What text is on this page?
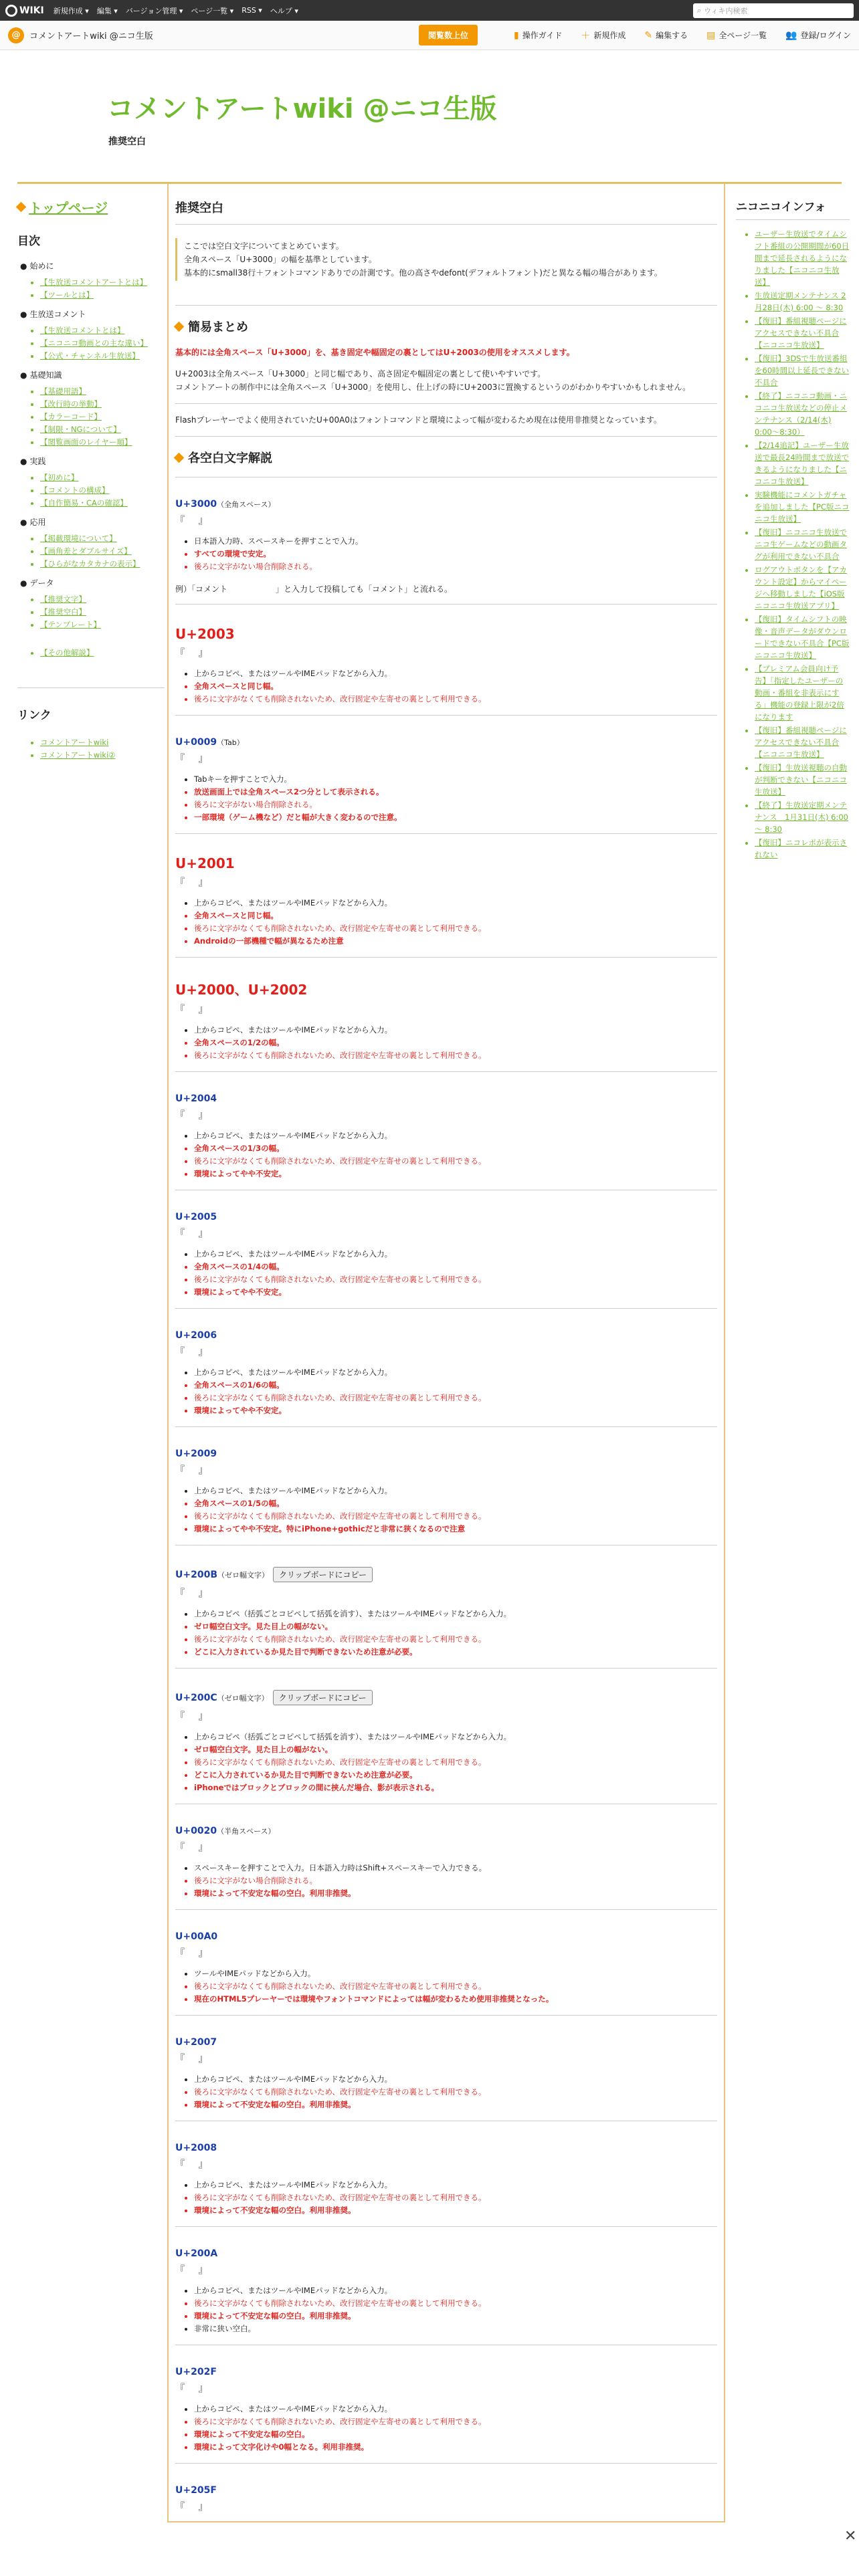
WIKI 新規作成 ▾ 編集 ▾ バージョン管理 ▾ ページ一覧 ▾ RSS ▾ ヘルプ ▾	⌕ ウィキ内検索
@	コメントアートwiki @ニコ生版	閲覧数上位	▮ 操作ガイド ＋ 新規作成 ✎ 編集する ▤ 全ページ一覧 👥 登録/ログイン
コメントアートwiki @ニコ生版
推奨空白
トップページ
目次
● 始めに
• 【生放送コメントアートとは】
• 【ツールとは】
● 生放送コメント
• 【生放送コメントとは】
• 【ニコニコ動画との主な違い】
• 【公式・チャンネル生放送】
● 基礎知識
• 【基礎用語】
• 【改行時の挙動】
• 【カラーコード】
• 【制限・NGについて】
• 【閲覧画面のレイヤー順】
● 実践
• 【初めに】
• 【コメントの構成】
• 【自作簡易・CAの確認】
● 応用
• 【掲載環境について】
• 【画角差とダブルサイズ】
• 【ひらがなカタカナの表示】
● データ
• 【推奨文字】
• 【推奨空白】
• 【テンプレート】
• 【その他解説】
リンク
• コメントアートwiki
• コメントアートwiki②
推奨空白
ここでは空白文字についてまとめています。
全角スペース「U+3000」の幅を基準としています。
基本的にsmall38行＋フォントコマンドありでの計測です。他の高さやdefont(デフォルトフォント)だと異なる幅の場合があります。
簡易まとめ

基本的には全角スペース「U+3000」を、基き固定や幅固定の裏としてはU+2003の使用をオススメします。

U+2003は全角スペース「U+3000」と同じ幅であり、高さ固定や幅固定の裏として使いやすいです。
コメントアートの制作中には全角スペース「U+3000」を使用し、仕上げの時にU+2003に置換するというのがわかりやすいかもしれません。

Flashプレーヤーでよく使用されていたU+00A0はフォントコマンドと環境によって幅が変わるため現在は使用非推奨となっています。

各空白文字解説
U+3000（全角スペース）
『 』
• 日本語入力時、スペースキーを押すことで入力。
• すべての環境で安定。
• 後ろに文字がない場合削除される。

例）「コメント　　　　　　」と入力して投稿しても「コメント」と流れる。

U+2003
『 』
• 上からコピペ、またはツールやIMEパッドなどから入力。
• 全角スペースと同じ幅。
• 後ろに文字がなくても削除されないため、改行固定や左寄せの裏として利用できる。
U+0009（Tab）
『 』
• Tabキーを押すことで入力。
• 放送画面上では全角スペース2つ分として表示される。
• 後ろに文字がない場合削除される。
• 一部環境（ゲーム機など）だと幅が大きく変わるので注意。
U+2001
『 』
• 上からコピペ、またはツールやIMEパッドなどから入力。
• 全角スペースと同じ幅。
• 後ろに文字がなくても削除されないため、改行固定や左寄せの裏として利用できる。
• Androidの一部機種で幅が異なるため注意
U+2000、U+2002
『 』
• 上からコピペ、またはツールやIMEパッドなどから入力。
• 全角スペースの1/2の幅。
• 後ろに文字がなくても削除されないため、改行固定や左寄せの裏として利用できる。
U+2004
『 』
• 上からコピペ、またはツールやIMEパッドなどから入力。
• 全角スペースの1/3の幅。
• 後ろに文字がなくても削除されないため、改行固定や左寄せの裏として利用できる。
• 環境によってやや不安定。
U+2005
『 』
• 上からコピペ、またはツールやIMEパッドなどから入力。
• 全角スペースの1/4の幅。
• 後ろに文字がなくても削除されないため、改行固定や左寄せの裏として利用できる。
• 環境によってやや不安定。
U+2006
『 』
• 上からコピペ、またはツールやIMEパッドなどから入力。
• 全角スペースの1/6の幅。
• 後ろに文字がなくても削除されないため、改行固定や左寄せの裏として利用できる。
• 環境によってやや不安定。
U+2009
『 』
• 上からコピペ、またはツールやIMEパッドなどから入力。
• 全角スペースの1/5の幅。
• 後ろに文字がなくても削除されないため、改行固定や左寄せの裏として利用できる。
• 環境によってやや不安定。特にiPhone+gothicだと非常に狭くなるので注意
U+200B（ゼロ幅文字） クリップボードにコピー
『 』
• 上からコピペ（括弧ごとコピペして括弧を消す）、またはツールやIMEパッドなどから入力。
• ゼロ幅空白文字。見た目上の幅がない。
• 後ろに文字がなくても削除されないため、改行固定や左寄せの裏として利用できる。
• どこに入力されているか見た目で判断できないため注意が必要。
U+200C（ゼロ幅文字） クリップボードにコピー
『 』
• 上からコピペ（括弧ごとコピペして括弧を消す）、またはツールやIMEパッドなどから入力。
• ゼロ幅空白文字。見た目上の幅がない。
• 後ろに文字がなくても削除されないため、改行固定や左寄せの裏として利用できる。
• どこに入力されているか見た目で判断できないため注意が必要。
• iPhoneではブロックとブロックの間に挟んだ場合、影が表示される。
U+0020（半角スペース）
『 』
• スペースキーを押すことで入力。日本語入力時はShift+スペースキーで入力できる。
• 後ろに文字がない場合削除される。
• 環境によって不安定な幅の空白。利用非推奨。
U+00A0
『 』
• ツールやIMEパッドなどから入力。
• 後ろに文字がなくても削除されないため、改行固定や左寄せの裏として利用できる。
• 現在のHTML5プレーヤーでは環境やフォントコマンドによっては幅が変わるため使用非推奨となった。
U+2007
『 』
• 上からコピペ、またはツールやIMEパッドなどから入力。
• 後ろに文字がなくても削除されないため、改行固定や左寄せの裏として利用できる。
• 環境によって不安定な幅の空白。利用非推奨。
U+2008
『 』
• 上からコピペ、またはツールやIMEパッドなどから入力。
• 後ろに文字がなくても削除されないため、改行固定や左寄せの裏として利用できる。
• 環境によって不安定な幅の空白。利用非推奨。
U+200A
『 』
• 上からコピペ、またはツールやIMEパッドなどから入力。
• 後ろに文字がなくても削除されないため、改行固定や左寄せの裏として利用できる。
• 環境によって不安定な幅の空白。利用非推奨。
• 非常に狭い空白。
U+202F
『 』
• 上からコピペ、またはツールやIMEパッドなどから入力。
• 後ろに文字がなくても削除されないため、改行固定や左寄せの裏として利用できる。
• 環境によって不安定な幅の空白。
• 環境によって文字化けや0幅となる。利用非推奨。
U+205F
『 』
ニコニコインフォ
• ユーザー生放送でタイムシフト番組の公開期間が60日間まで延長されるようになりました【ニコニコ生放送】
• 生放送定期メンテナンス 2月28日(木) 6:00 ～ 8:30
• 【復旧】番組視聴ページにアクセスできない不具合【ニコニコ生放送】
• 【復旧】3DSで生放送番組を60時間以上延長できない不具合
• 【終了】ニコニコ動画・ニコニコ生放送などの停止メンテナンス（2/14(木) 0:00～8:30）
• 【2/14追記】ユーザー生放送で最長24時間まで放送できるようになりました【ニコニコ生放送】
• 実験機能にコメントガチャを追加しました【PC版ニコニコ生放送】
• 【復旧】ニコニコ生放送でニコ生ゲームなどの動画タグが利用できない不具合
• ログアウトボタンを【アカウント設定】からマイページへ移動しました【iOS版ニコニコ生放送アプリ】
• 【復旧】タイムシフトの映像・音声データがダウンロードできない不具合【PC版ニコニコ生放送】
• 【プレミアム会員向け予告】「指定したユーザーの動画・番組を非表示にする」機能の登録上限が2倍になります
• 【復旧】番組視聴ページにアクセスできない不具合【ニコニコ生放送】
• 【復旧】生放送視聴の自動が判断できない【ニコニコ生放送】
• 【終了】生放送定期メンテナンス　1月31日(木) 6:00 ～ 8:30
• 【復旧】ニコレポが表示されない
✕
